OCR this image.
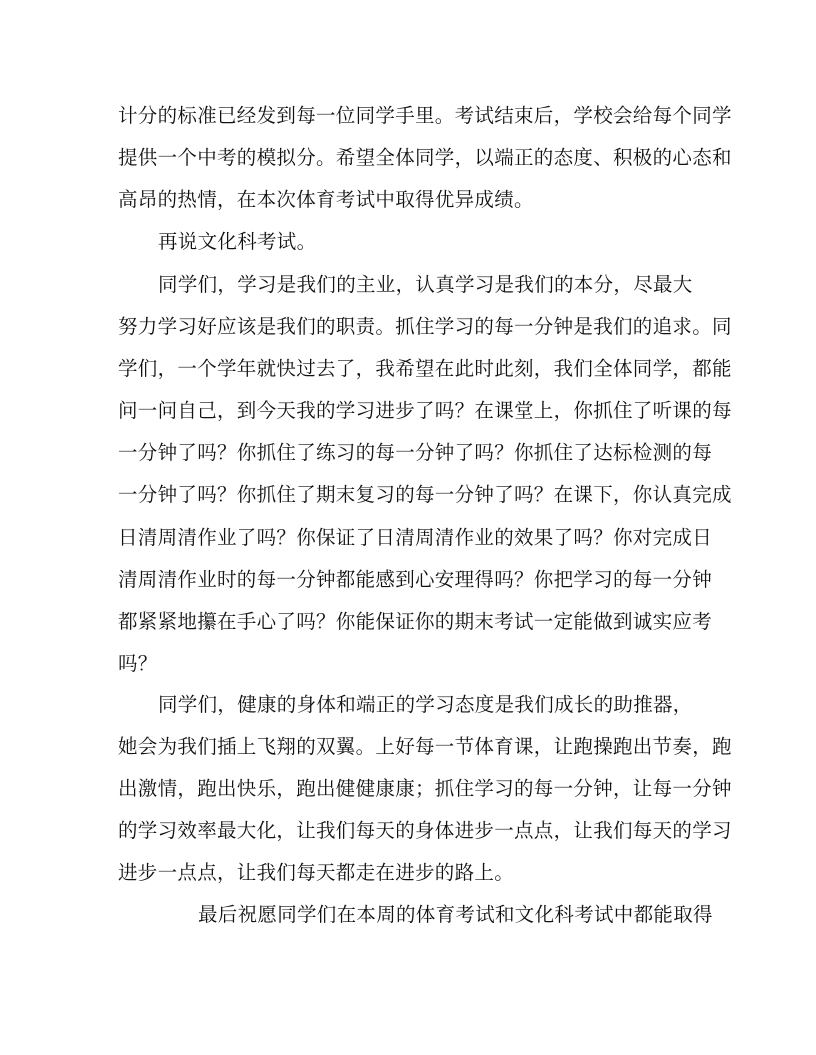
计分的标准已经发到每一位同学手里。考试结束后，学校会给每个同学
提供一个中考的模拟分。希望全体同学，以端正的态度、积极的心态和
高昂的热情，在本次体育考试中取得优异成绩。
再说文化科考试。
同学们，学习是我们的主业，认真学习是我们的本分，尽最大
努力学习好应该是我们的职责。抓住学习的每一分钟是我们的追求。同
学们，一个学年就快过去了，我希望在此时此刻，我们全体同学，都能
问一问自己，到今天我的学习进步了吗？在课堂上，你抓住了听课的每
一分钟了吗？你抓住了练习的每一分钟了吗？你抓住了达标检测的每
一分钟了吗？你抓住了期末复习的每一分钟了吗？在课下，你认真完成
日清周清作业了吗？你保证了日清周清作业的效果了吗？你对完成日
清周清作业时的每一分钟都能感到心安理得吗？你把学习的每一分钟
都紧紧地攥在手心了吗？你能保证你的期末考试一定能做到诚实应考
吗？
同学们，健康的身体和端正的学习态度是我们成长的助推器，
她会为我们插上飞翔的双翼。上好每一节体育课，让跑操跑出节奏，跑
出激情，跑出快乐，跑出健健康康；抓住学习的每一分钟，让每一分钟
的学习效率最大化，让我们每天的身体进步一点点，让我们每天的学习
进步一点点，让我们每天都走在进步的路上。
最后祝愿同学们在本周的体育考试和文化科考试中都能取得
